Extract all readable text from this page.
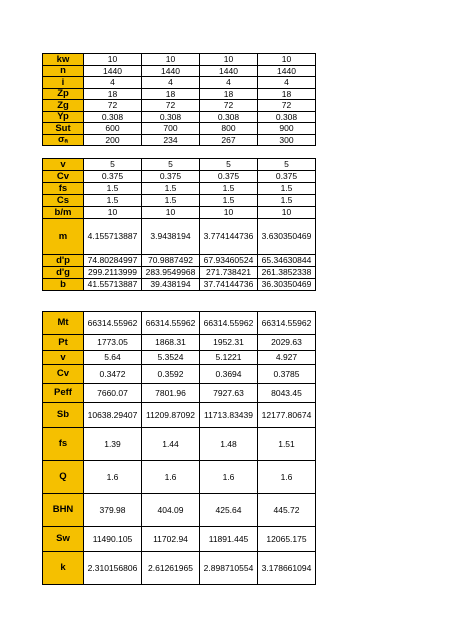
kw	10	10	10	10
n	1440	1440	1440	1440
i	4	4	4	4
Zp	18	18	18	18
Zg	72	72	72	72
Yp	0.308	0.308	0.308	0.308
Sut	600	700	800	900
σₐ	200	234	267	300
v	5	5	5	5
Cv	0.375	0.375	0.375	0.375
fs	1.5	1.5	1.5	1.5
Cs	1.5	1.5	1.5	1.5
b/m	10	10	10	10
m	4.155713887	3.9438194	3.774144736	3.630350469
d'p	74.80284997	70.9887492	67.93460524	65.34630844
d'g	299.2113999	283.9549968	271.738421	261.3852338
b	41.55713887	39.438194	37.74144736	36.30350469
Mt	66314.55962	66314.55962	66314.55962	66314.55962
Pt	1773.05	1868.31	1952.31	2029.63
v	5.64	5.3524	5.1221	4.927
Cv	0.3472	0.3592	0.3694	0.3785
Peff	7660.07	7801.96	7927.63	8043.45
Sb	10638.29407	11209.87092	11713.83439	12177.80674
fs	1.39	1.44	1.48	1.51
Q	1.6	1.6	1.6	1.6
BHN	379.98	404.09	425.64	445.72
Sw	11490.105	11702.94	11891.445	12065.175
k	2.310156806	2.61261965	2.898710554	3.178661094
